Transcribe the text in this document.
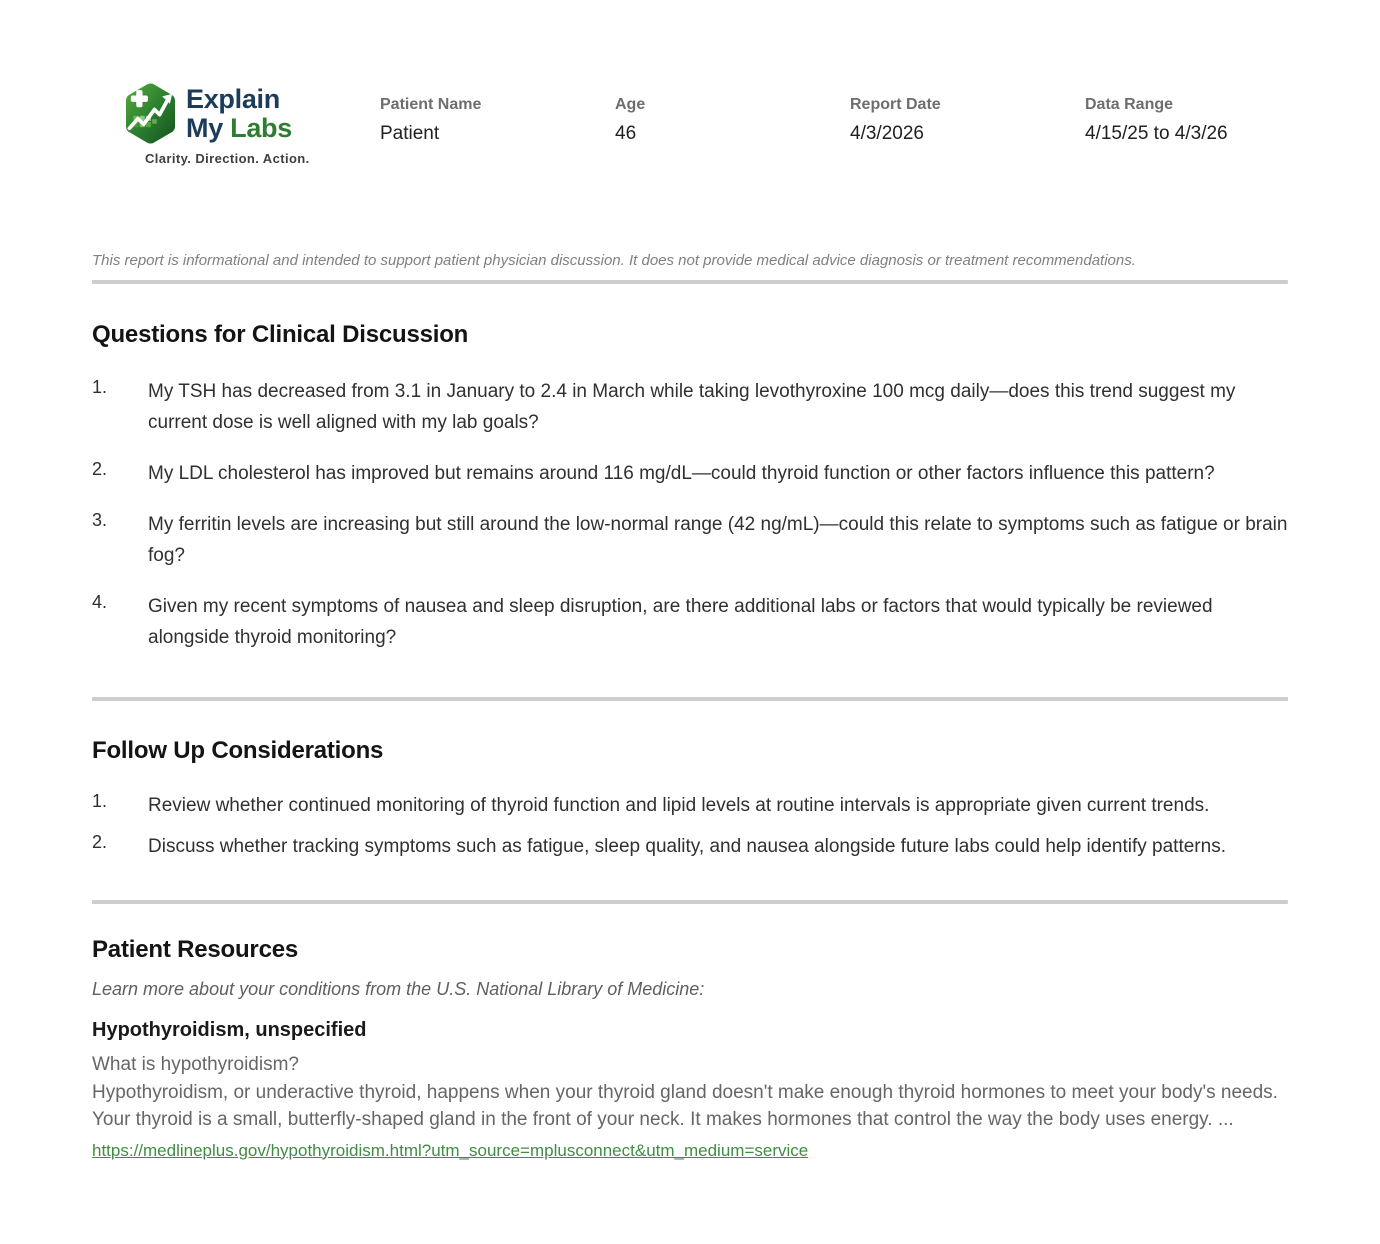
Explain
My Labs
Clarity. Direction. Action.
Patient Name
Patient
Age
46
Report Date
4/3/2026
Data Range
4/15/25 to 4/3/26
This report is informational and intended to support patient physician discussion. It does not provide medical advice diagnosis or treatment recommendations.
Questions for Clinical Discussion
1.	My TSH has decreased from 3.1 in January to 2.4 in March while taking levothyroxine 100 mcg daily—does this trend suggest my current dose is well aligned with my lab goals?
2.	My LDL cholesterol has improved but remains around 116 mg/dL—could thyroid function or other factors influence this pattern?
3.	My ferritin levels are increasing but still around the low-normal range (42 ng/mL)—could this relate to symptoms such as fatigue or brain fog?
4.	Given my recent symptoms of nausea and sleep disruption, are there additional labs or factors that would typically be reviewed alongside thyroid monitoring?
Follow Up Considerations
1.	Review whether continued monitoring of thyroid function and lipid levels at routine intervals is appropriate given current trends.
2.	Discuss whether tracking symptoms such as fatigue, sleep quality, and nausea alongside future labs could help identify patterns.
Patient Resources
Learn more about your conditions from the U.S. National Library of Medicine:
Hypothyroidism, unspecified
What is hypothyroidism?
Hypothyroidism, or underactive thyroid, happens when your thyroid gland doesn't make enough thyroid hormones to meet your body's needs.
Your thyroid is a small, butterfly-shaped gland in the front of your neck. It makes hormones that control the way the body uses energy. ...
https://medlineplus.gov/hypothyroidism.html?utm_source=mplusconnect&utm_medium=service
